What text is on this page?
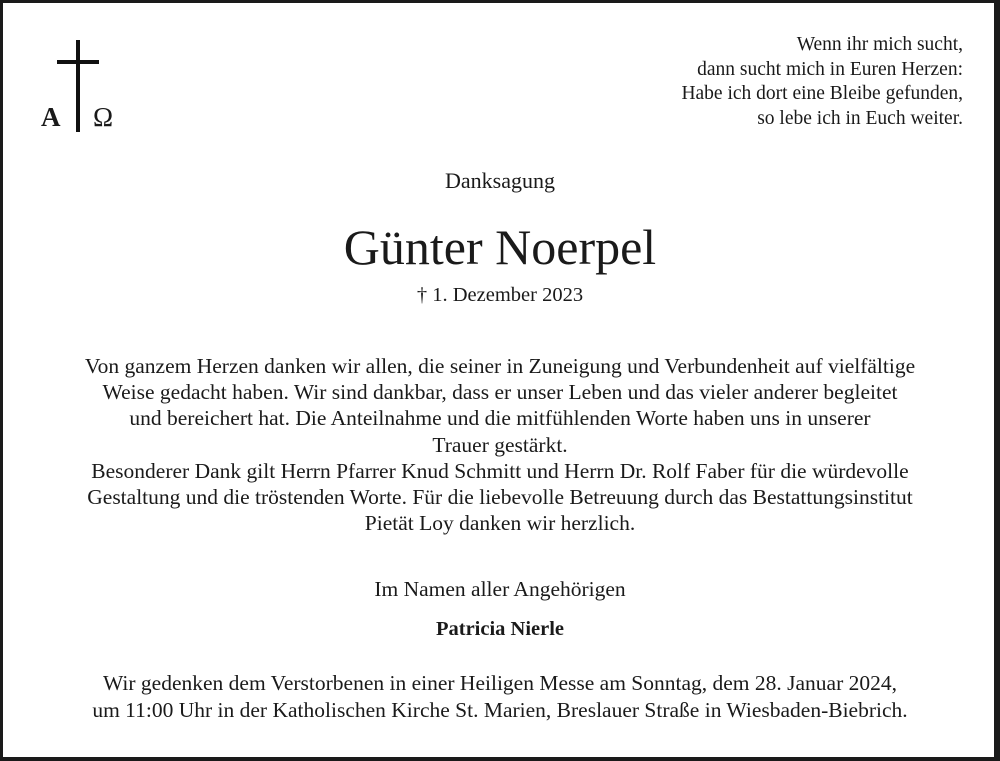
A Ω
Wenn ihr mich sucht,
dann sucht mich in Euren Herzen:
Habe ich dort eine Bleibe gefunden,
so lebe ich in Euch weiter.
Danksagung
Günter Noerpel
† 1. Dezember 2023
Von ganzem Herzen danken wir allen, die seiner in Zuneigung und Verbundenheit auf vielfältige
Weise gedacht haben. Wir sind dankbar, dass er unser Leben und das vieler anderer begleitet
und bereichert hat. Die Anteilnahme und die mitfühlenden Worte haben uns in unserer
Trauer gestärkt.
Besonderer Dank gilt Herrn Pfarrer Knud Schmitt und Herrn Dr. Rolf Faber für die würdevolle
Gestaltung und die tröstenden Worte. Für die liebevolle Betreuung durch das Bestattungsinstitut
Pietät Loy danken wir herzlich.
Im Namen aller Angehörigen
Patricia Nierle
Wir gedenken dem Verstorbenen in einer Heiligen Messe am Sonntag, dem 28. Januar 2024,
um 11:00 Uhr in der Katholischen Kirche St. Marien, Breslauer Straße in Wiesbaden-Biebrich.
